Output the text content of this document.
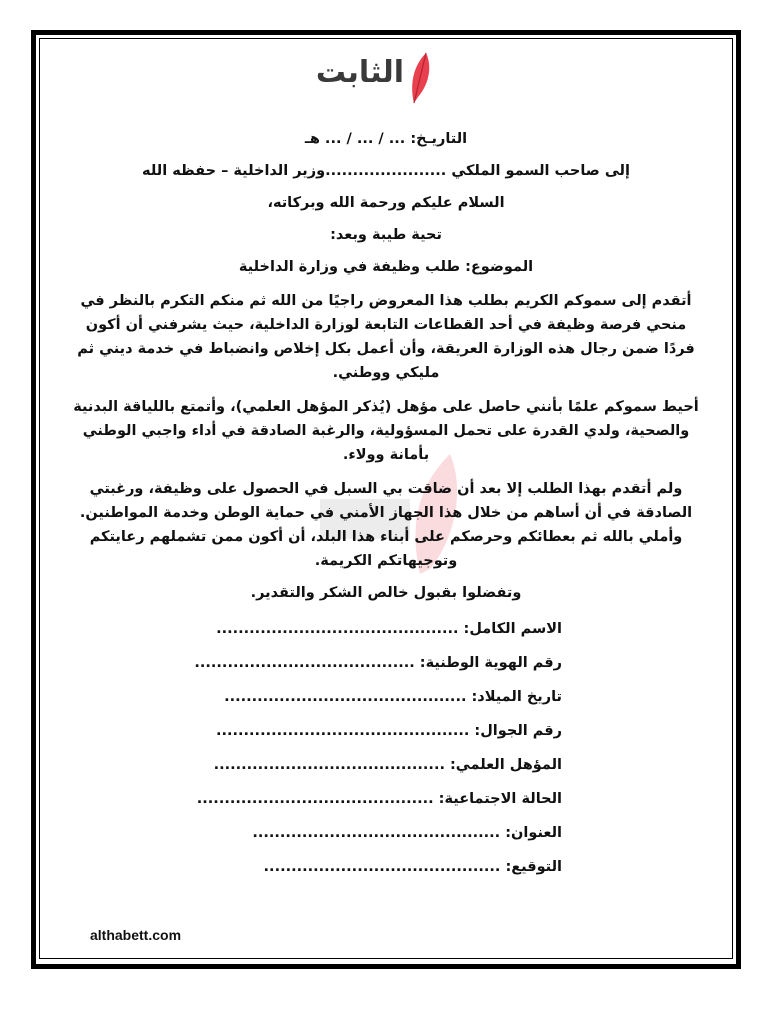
الثابت
التاريـخ: ... / ... / ... هـ
إلى صاحب السمو الملكي ......................وزير الداخلية – حفظه الله
السلام عليكم ورحمة الله وبركاته،
تحية طيبة وبعد:
الموضوع: طلب وظيفة في وزارة الداخلية
أتقدم إلى سموكم الكريم بطلب هذا المعروض راجيًا من الله ثم منكم التكرم بالنظر في منحي فرصة وظيفة في أحد القطاعات التابعة لوزارة الداخلية، حيث يشرفني أن أكون فردًا ضمن رجال هذه الوزارة العريقة، وأن أعمل بكل إخلاص وانضباط في خدمة ديني ثم مليكي ووطني.
أحيط سموكم علمًا بأنني حاصل على مؤهل (يُذكر المؤهل العلمي)، وأتمتع باللياقة البدنية والصحية، ولدي القدرة على تحمل المسؤولية، والرغبة الصادقة في أداء واجبي الوطني بأمانة وولاء.
ولم أتقدم بهذا الطلب إلا بعد أن ضاقت بي السبل في الحصول على وظيفة، ورغبتي الصادقة في أن أساهم من خلال هذا الجهاز الأمني في حماية الوطن وخدمة المواطنين. وأملي بالله ثم بعطائكم وحرصكم على أبناء هذا البلد، أن أكون ممن تشملهم رعايتكم وتوجيهاتكم الكريمة.
وتفضلوا بقبول خالص الشكر والتقدير.
الاسم الكامل: ............................................
رقم الهوية الوطنية: ........................................
تاريخ الميلاد: ............................................
رقم الجوال: ..............................................
المؤهل العلمي: ..........................................
الحالة الاجتماعية: ...........................................
العنوان: .............................................
التوقيع: ...........................................
althabett.com
